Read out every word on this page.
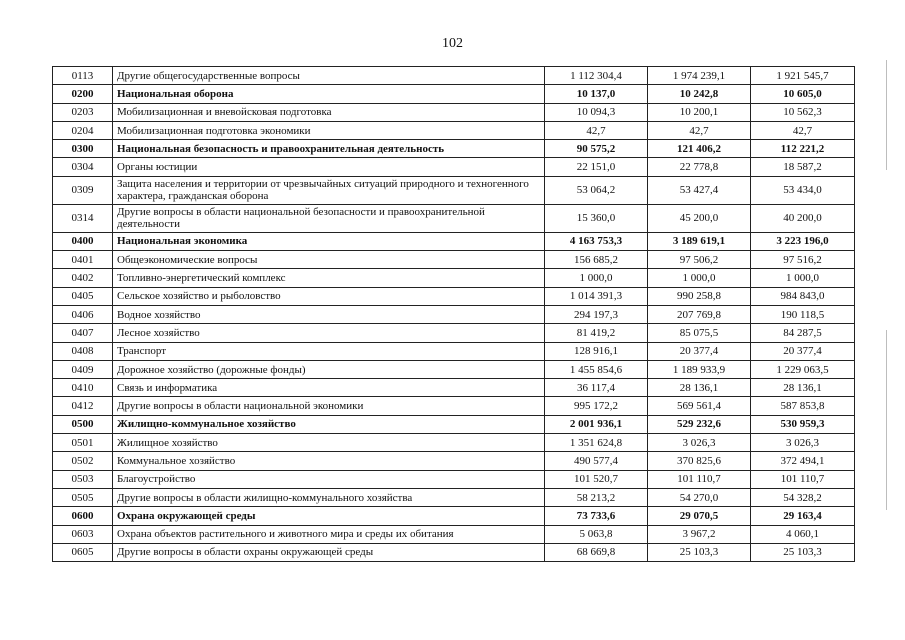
102
0113	Другие общегосударственные вопросы	1 112 304,4	1 974 239,1	1 921 545,7
0200	Национальная оборона	10 137,0	10 242,8	10 605,0
0203	Мобилизационная и вневойсковая подготовка	10 094,3	10 200,1	10 562,3
0204	Мобилизационная подготовка экономики	42,7	42,7	42,7
0300	Национальная безопасность и правоохранительная деятельность	90 575,2	121 406,2	112 221,2
0304	Органы юстиции	22 151,0	22 778,8	18 587,2
0309	Защита населения и территории от чрезвычайных ситуаций природного и техногенного характера, гражданская оборона	53 064,2	53 427,4	53 434,0
0314	Другие вопросы в области национальной безопасности и правоохранительной деятельности	15 360,0	45 200,0	40 200,0
0400	Национальная экономика	4 163 753,3	3 189 619,1	3 223 196,0
0401	Общеэкономические вопросы	156 685,2	97 506,2	97 516,2
0402	Топливно-энергетический комплекс	1 000,0	1 000,0	1 000,0
0405	Сельское хозяйство и рыболовство	1 014 391,3	990 258,8	984 843,0
0406	Водное хозяйство	294 197,3	207 769,8	190 118,5
0407	Лесное хозяйство	81 419,2	85 075,5	84 287,5
0408	Транспорт	128 916,1	20 377,4	20 377,4
0409	Дорожное хозяйство (дорожные фонды)	1 455 854,6	1 189 933,9	1 229 063,5
0410	Связь и информатика	36 117,4	28 136,1	28 136,1
0412	Другие вопросы в области национальной экономики	995 172,2	569 561,4	587 853,8
0500	Жилищно-коммунальное хозяйство	2 001 936,1	529 232,6	530 959,3
0501	Жилищное хозяйство	1 351 624,8	3 026,3	3 026,3
0502	Коммунальное хозяйство	490 577,4	370 825,6	372 494,1
0503	Благоустройство	101 520,7	101 110,7	101 110,7
0505	Другие вопросы в области жилищно-коммунального хозяйства	58 213,2	54 270,0	54 328,2
0600	Охрана окружающей среды	73 733,6	29 070,5	29 163,4
0603	Охрана объектов растительного и животного мира и среды их обитания	5 063,8	3 967,2	4 060,1
0605	Другие вопросы в области охраны окружающей среды	68 669,8	25 103,3	25 103,3
